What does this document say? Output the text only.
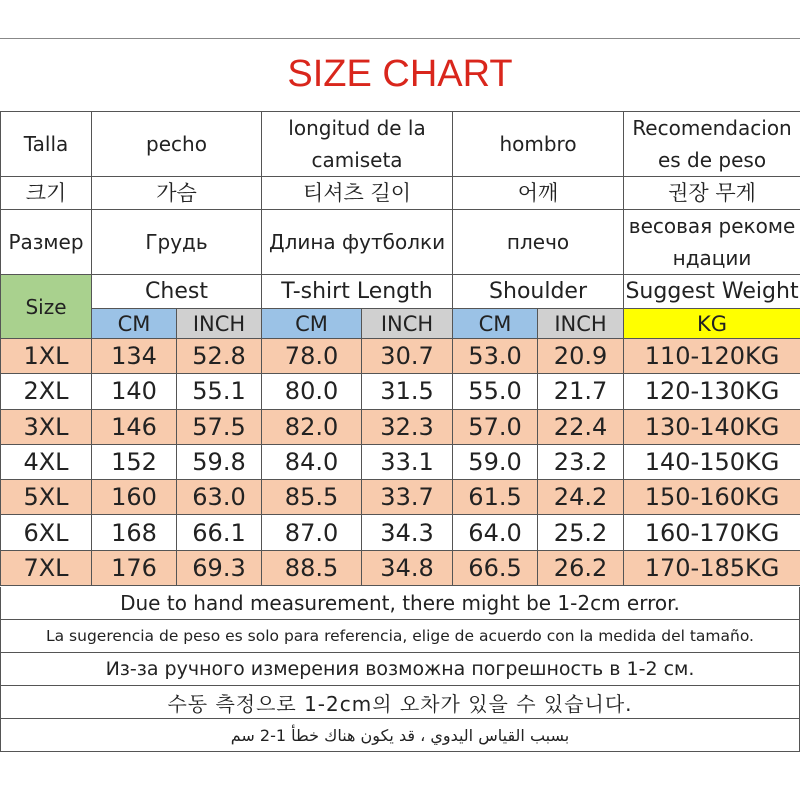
SIZE CHART
Talla	pecho		longitud de la camiseta		hombro		Recomendacion es de peso
크기	가슴		티셔츠 길이		어깨		권장 무게
Размер	Грудь		Длина футболки		плечо		весовая рекомендации
Size	Chest		T-shirt Length		Shoulder		Suggest Weight
	CM	INCH	CM	INCH	CM	INCH	KG
1XL	134	52.8	78.0	30.7	53.0	20.9	110-120KG
2XL	140	55.1	80.0	31.5	55.0	21.7	120-130KG
3XL	146	57.5	82.0	32.3	57.0	22.4	130-140KG
4XL	152	59.8	84.0	33.1	59.0	23.2	140-150KG
5XL	160	63.0	85.5	33.7	61.5	24.2	150-160KG
6XL	168	66.1	87.0	34.3	64.0	25.2	160-170KG
7XL	176	69.3	88.5	34.8	66.5	26.2	170-185KG
Due to hand measurement, there might be 1-2cm error.
La sugerencia de peso es solo para referencia, elige de acuerdo con la medida del tamaño.
Из-за ручного измерения возможна погрешность в 1-2 см.
수동 측정으로 1-2cm의 오차가 있을 수 있습니다.
بسبب القياس اليدوي ، قد يكون هناك خطأ 1-2 سم
